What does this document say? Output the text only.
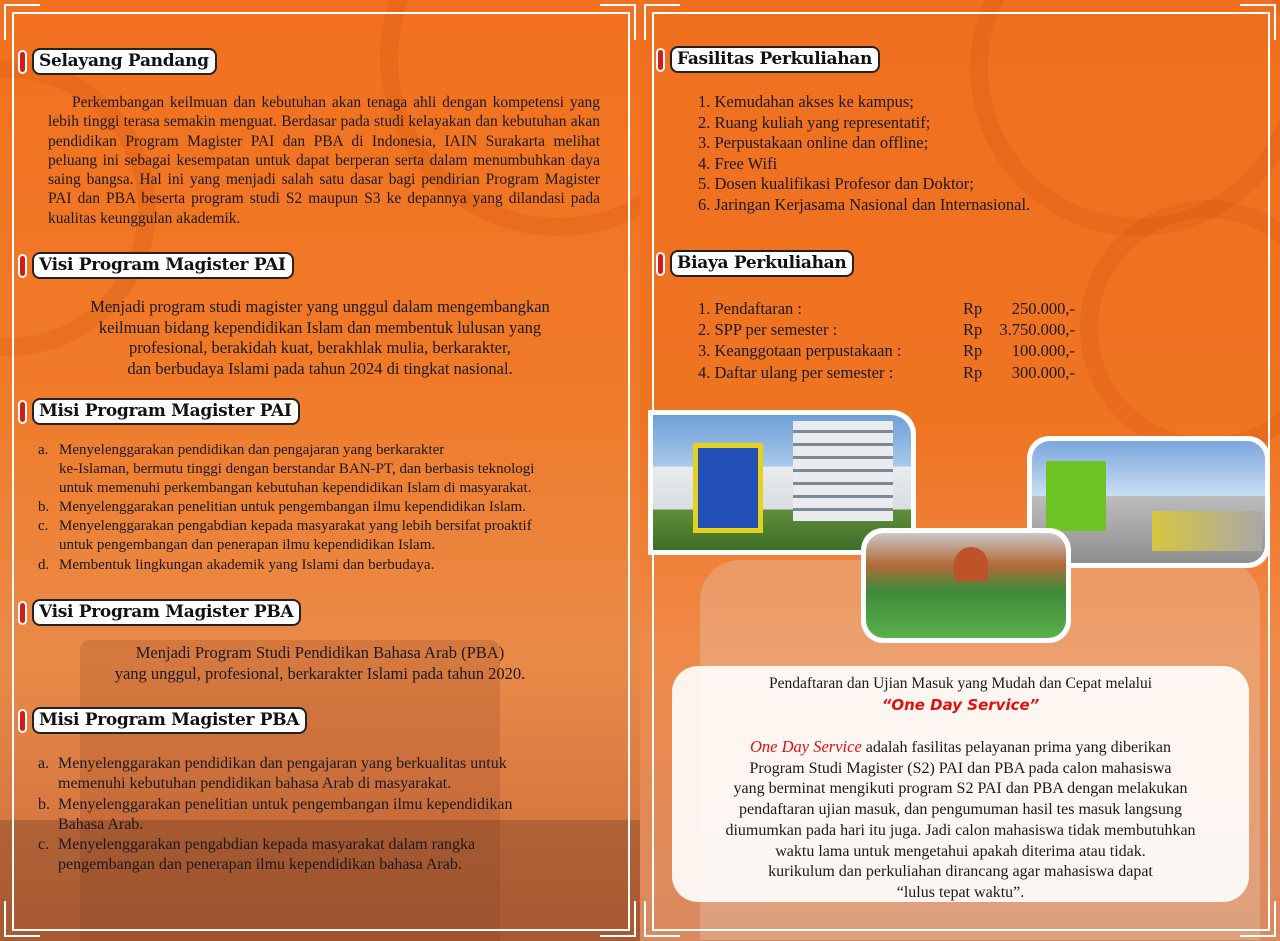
Selayang Pandang
Perkembangan keilmuan dan kebutuhan akan tenaga ahli dengan kompetensi yang lebih tinggi terasa semakin menguat. Berdasar pada studi kelayakan dan kebutuhan akan pendidikan Program Magister PAI dan PBA di Indonesia, IAIN Surakarta melihat peluang ini sebagai kesempatan untuk dapat berperan serta dalam menumbuhkan daya saing bangsa. Hal ini yang menjadi salah satu dasar bagi pendirian Program Magister PAI dan PBA beserta program studi S2 maupun S3 ke depannya yang dilandasi pada kualitas keunggulan akademik.
Visi Program Magister PAI
Menjadi program studi magister yang unggul dalam mengembangkan
keilmuan bidang kependidikan Islam dan membentuk lulusan yang
profesional, berakidah kuat, berakhlak mulia, berkarakter,
dan berbudaya Islami pada tahun 2024 di tingkat nasional.
Misi Program Magister PAI
a. Menyelenggarakan pendidikan dan pengajaran yang berkarakter
ke-Islaman, bermutu tinggi dengan berstandar BAN-PT, dan berbasis teknologi
untuk memenuhi perkembangan kebutuhan kependidikan Islam di masyarakat.
b. Menyelenggarakan penelitian untuk pengembangan ilmu kependidikan Islam.
c. Menyelenggarakan pengabdian kepada masyarakat yang lebih bersifat proaktif
untuk pengembangan dan penerapan ilmu kependidikan Islam.
d. Membentuk lingkungan akademik yang Islami dan berbudaya.
Visi Program Magister PBA
Menjadi Program Studi Pendidikan Bahasa Arab (PBA)
yang unggul, profesional, berkarakter Islami pada tahun 2020.
Misi Program Magister PBA
a. Menyelenggarakan pendidikan dan pengajaran yang berkualitas untuk
memenuhi kebutuhan pendidikan bahasa Arab di masyarakat.
b. Menyelenggarakan penelitian untuk pengembangan ilmu kependidikan
Bahasa Arab.
c. Menyelenggarakan pengabdian kepada masyarakat dalam rangka
pengembangan dan penerapan ilmu kependidikan bahasa Arab.
Fasilitas Perkuliahan
1. Kemudahan akses ke kampus;
2. Ruang kuliah yang representatif;
3. Perpustakaan online dan offline;
4. Free Wifi
5. Dosen kualifikasi Profesor dan Doktor;
6. Jaringan Kerjasama Nasional dan Internasional.
Biaya Perkuliahan
1. Pendaftaran :	Rp	250.000,-
2. SPP per semester :	Rp	3.750.000,-
3. Keanggotaan perpustakaan :	Rp	100.000,-
4. Daftar ulang per semester :	Rp	300.000,-
Pendaftaran dan Ujian Masuk yang Mudah dan Cepat melalui
“One Day Service”
One Day Service adalah fasilitas pelayanan prima yang diberikan
Program Studi Magister (S2) PAI dan PBA pada calon mahasiswa
yang berminat mengikuti program S2 PAI dan PBA dengan melakukan
pendaftaran ujian masuk, dan pengumuman hasil tes masuk langsung
diumumkan pada hari itu juga. Jadi calon mahasiswa tidak membutuhkan
waktu lama untuk mengetahui apakah diterima atau tidak.
kurikulum dan perkuliahan dirancang agar mahasiswa dapat
“lulus tepat waktu”.
